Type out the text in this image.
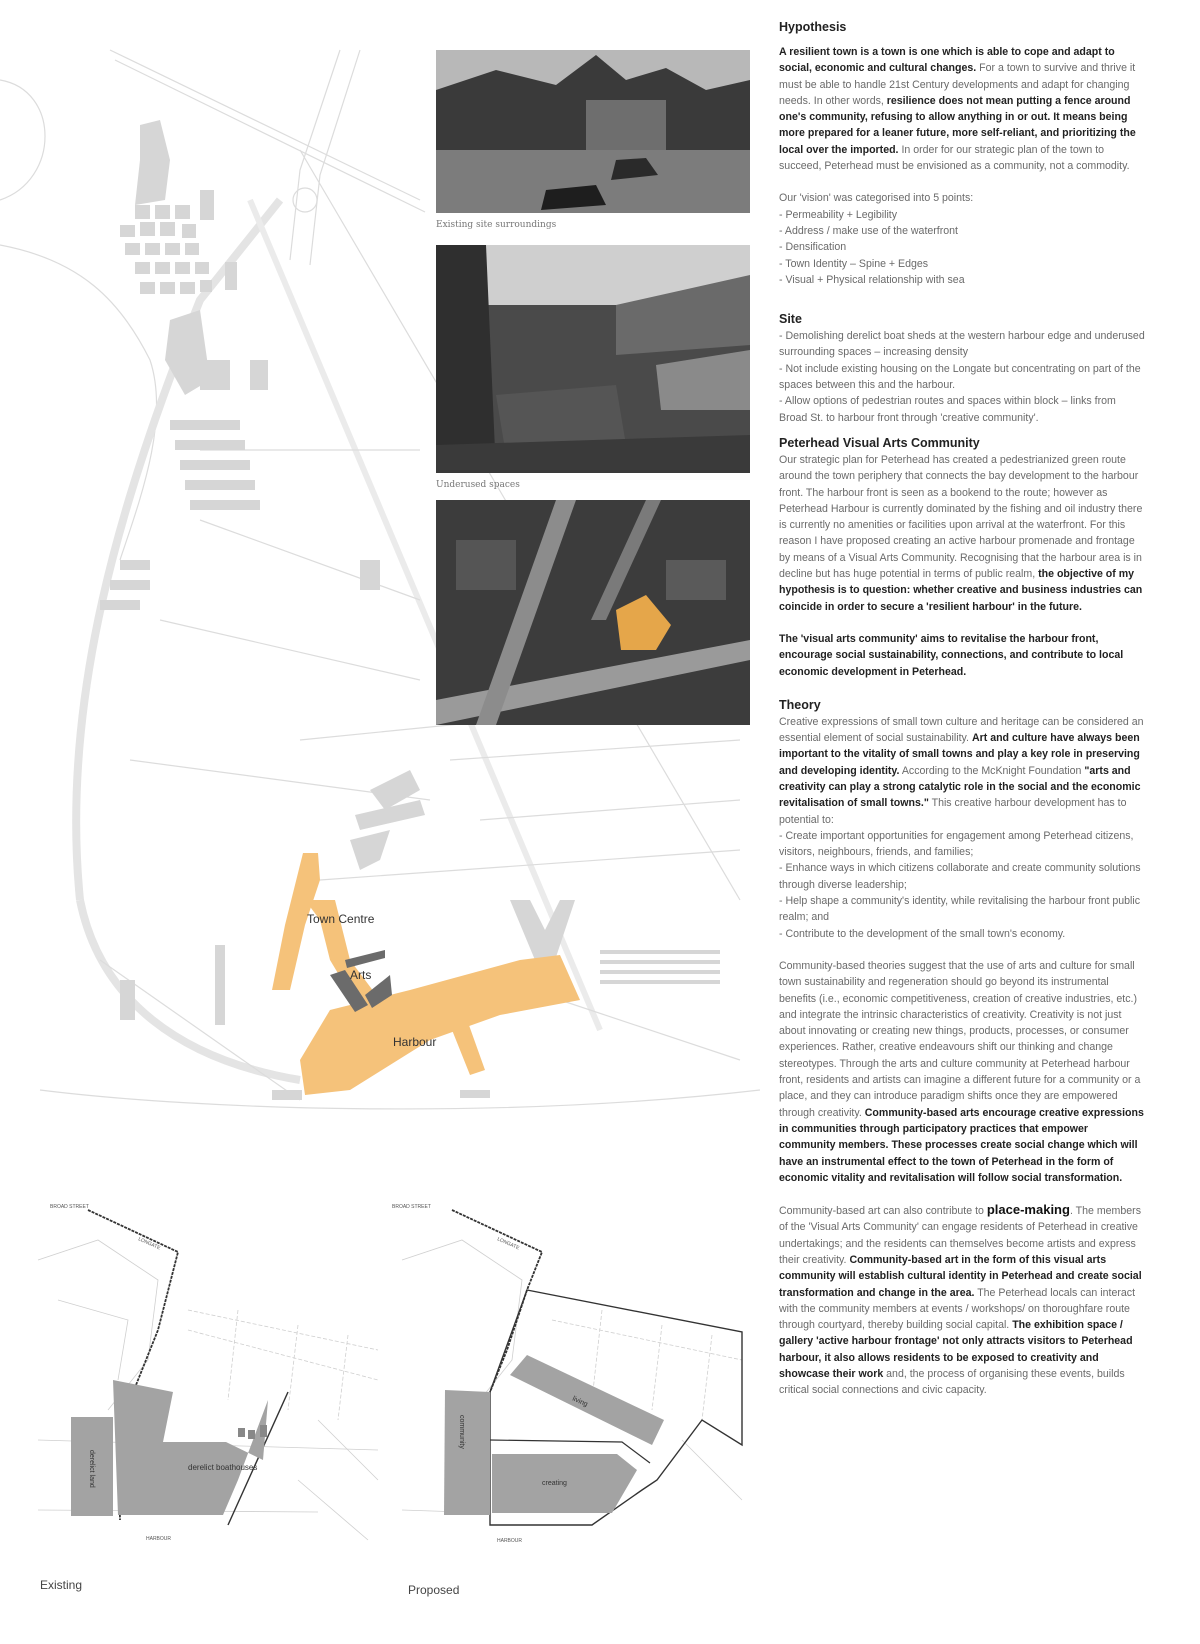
Town Centre
Arts
Harbour
Existing site surroundings
Underused spaces
Hypothesis

A resilient town is a town is one which is able to cope and adapt to social, economic and cultural changes. For a town to survive and thrive it must be able to handle 21st Century developments and adapt for changing needs. In other words, resilience does not mean putting a fence around one's community, refusing to allow anything in or out. It means being more prepared for a leaner future, more self-reliant, and prioritizing the local over the imported. In order for our strategic plan of the town to succeed, Peterhead must be envisioned as a community, not a commodity.

Our 'vision' was categorised into 5 points:

- Permeability + Legibility

- Address / make use of the waterfront

- Densification

- Town Identity – Spine + Edges

- Visual + Physical relationship with sea

Site

- Demolishing derelict boat sheds at the western harbour edge and underused surrounding spaces – increasing density

- Not include existing housing on the Longate but concentrating on part of the spaces between this and the harbour.

- Allow options of pedestrian routes and spaces within block – links from Broad St. to harbour front through 'creative community'.

Peterhead Visual Arts Community

Our strategic plan for Peterhead has created a pedestrianized green route around the town periphery that connects the bay development to the harbour front. The harbour front is seen as a bookend to the route; however as Peterhead Harbour is currently dominated by the fishing and oil industry there is currently no amenities or facilities upon arrival at the waterfront. For this reason I have proposed creating an active harbour promenade and frontage by means of a Visual Arts Community. Recognising that the harbour area is in decline but has huge potential in terms of public realm, the objective of my hypothesis is to question: whether creative and business industries can coincide in order to secure a 'resilient harbour' in the future.

The 'visual arts community' aims to revitalise the harbour front, encourage social sustainability, connections, and contribute to local economic development in Peterhead.

Theory

Creative expressions of small town culture and heritage can be considered an essential element of social sustainability. Art and culture have always been important to the vitality of small towns and play a key role in preserving and developing identity. According to the McKnight Foundation "arts and creativity can play a strong catalytic role in the social and the economic revitalisation of small towns." This creative harbour development has to potential to:

- Create important opportunities for engagement among Peterhead citizens, visitors, neighbours, friends, and families;

- Enhance ways in which citizens collaborate and create community solutions through diverse leadership;

- Help shape a community's identity, while revitalising the harbour front public realm; and

- Contribute to the development of the small town's economy.

Community-based theories suggest that the use of arts and culture for small town sustainability and regeneration should go beyond its instrumental benefits (i.e., economic competitiveness, creation of creative industries, etc.) and integrate the intrinsic characteristics of creativity. Creativity is not just about innovating or creating new things, products, processes, or consumer experiences. Rather, creative endeavours shift our thinking and change stereotypes. Through the arts and culture community at Peterhead harbour front, residents and artists can imagine a different future for a community or a place, and they can introduce paradigm shifts once they are empowered through creativity. Community-based arts encourage creative expressions in communities through participatory practices that empower community members. These processes create social change which will have an instrumental effect to the town of Peterhead in the form of economic vitality and revitalisation will follow social transformation.

Community-based art can also contribute to place-making. The members of the 'Visual Arts Community' can engage residents of Peterhead in creative undertakings; and the residents can themselves become artists and express their creativity. Community-based art in the form of this visual arts community will establish cultural identity in Peterhead and create social transformation and change in the area. The Peterhead locals can interact with the community members at events / workshops/ on thoroughfare route through courtyard, thereby building social capital. The exhibition space / gallery 'active harbour frontage' not only attracts visitors to Peterhead harbour, it also allows residents to be exposed to creativity and showcase their work and, the process of organising these events, builds critical social connections and civic capacity.

BROAD STREET
LONGATE
HARBOUR
derelict boathouses
derelict land
Existing
BROAD STREET
LONGATE
HARBOUR
living
community
creating
Proposed
